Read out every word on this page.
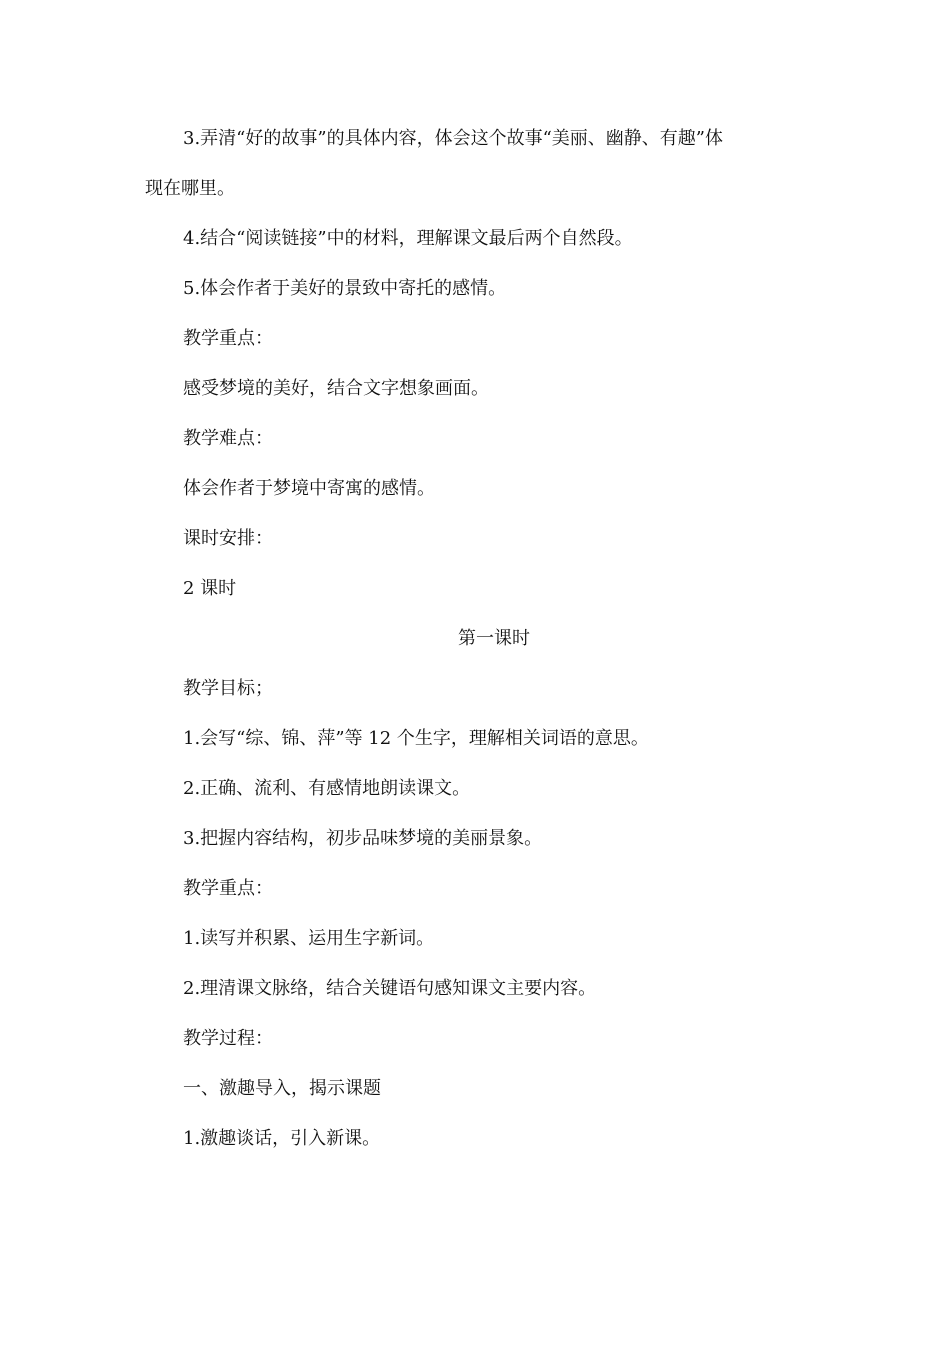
3.弄清“好的故事”的具体内容，体会这个故事“美丽、幽静、有趣”体

现在哪里。

4.结合“阅读链接”中的材料，理解课文最后两个自然段。

5.体会作者于美好的景致中寄托的感情。

教学重点：

感受梦境的美好，结合文字想象画面。

教学难点：

体会作者于梦境中寄寓的感情。

课时安排：

2 课时

第一课时

教学目标；

1.会写“综、锦、萍”等 12 个生字，理解相关词语的意思。

2.正确、流利、有感情地朗读课文。

3.把握内容结构，初步品味梦境的美丽景象。

教学重点：

1.读写并积累、运用生字新词。

2.理清课文脉络，结合关键语句感知课文主要内容。

教学过程：

一、激趣导入，揭示课题

1.激趣谈话，引入新课。
